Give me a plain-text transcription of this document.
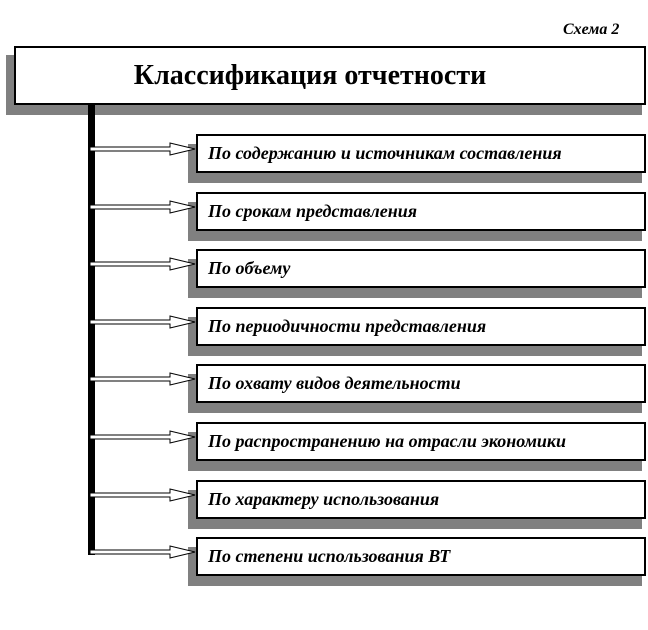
Схема 2
Классификация отчетности
По содержанию и источникам составления
По срокам представления
По объему
По периодичности представления
По охвату видов деятельности
По распространению на отрасли экономики
По характеру использования
По степени использования ВТ
